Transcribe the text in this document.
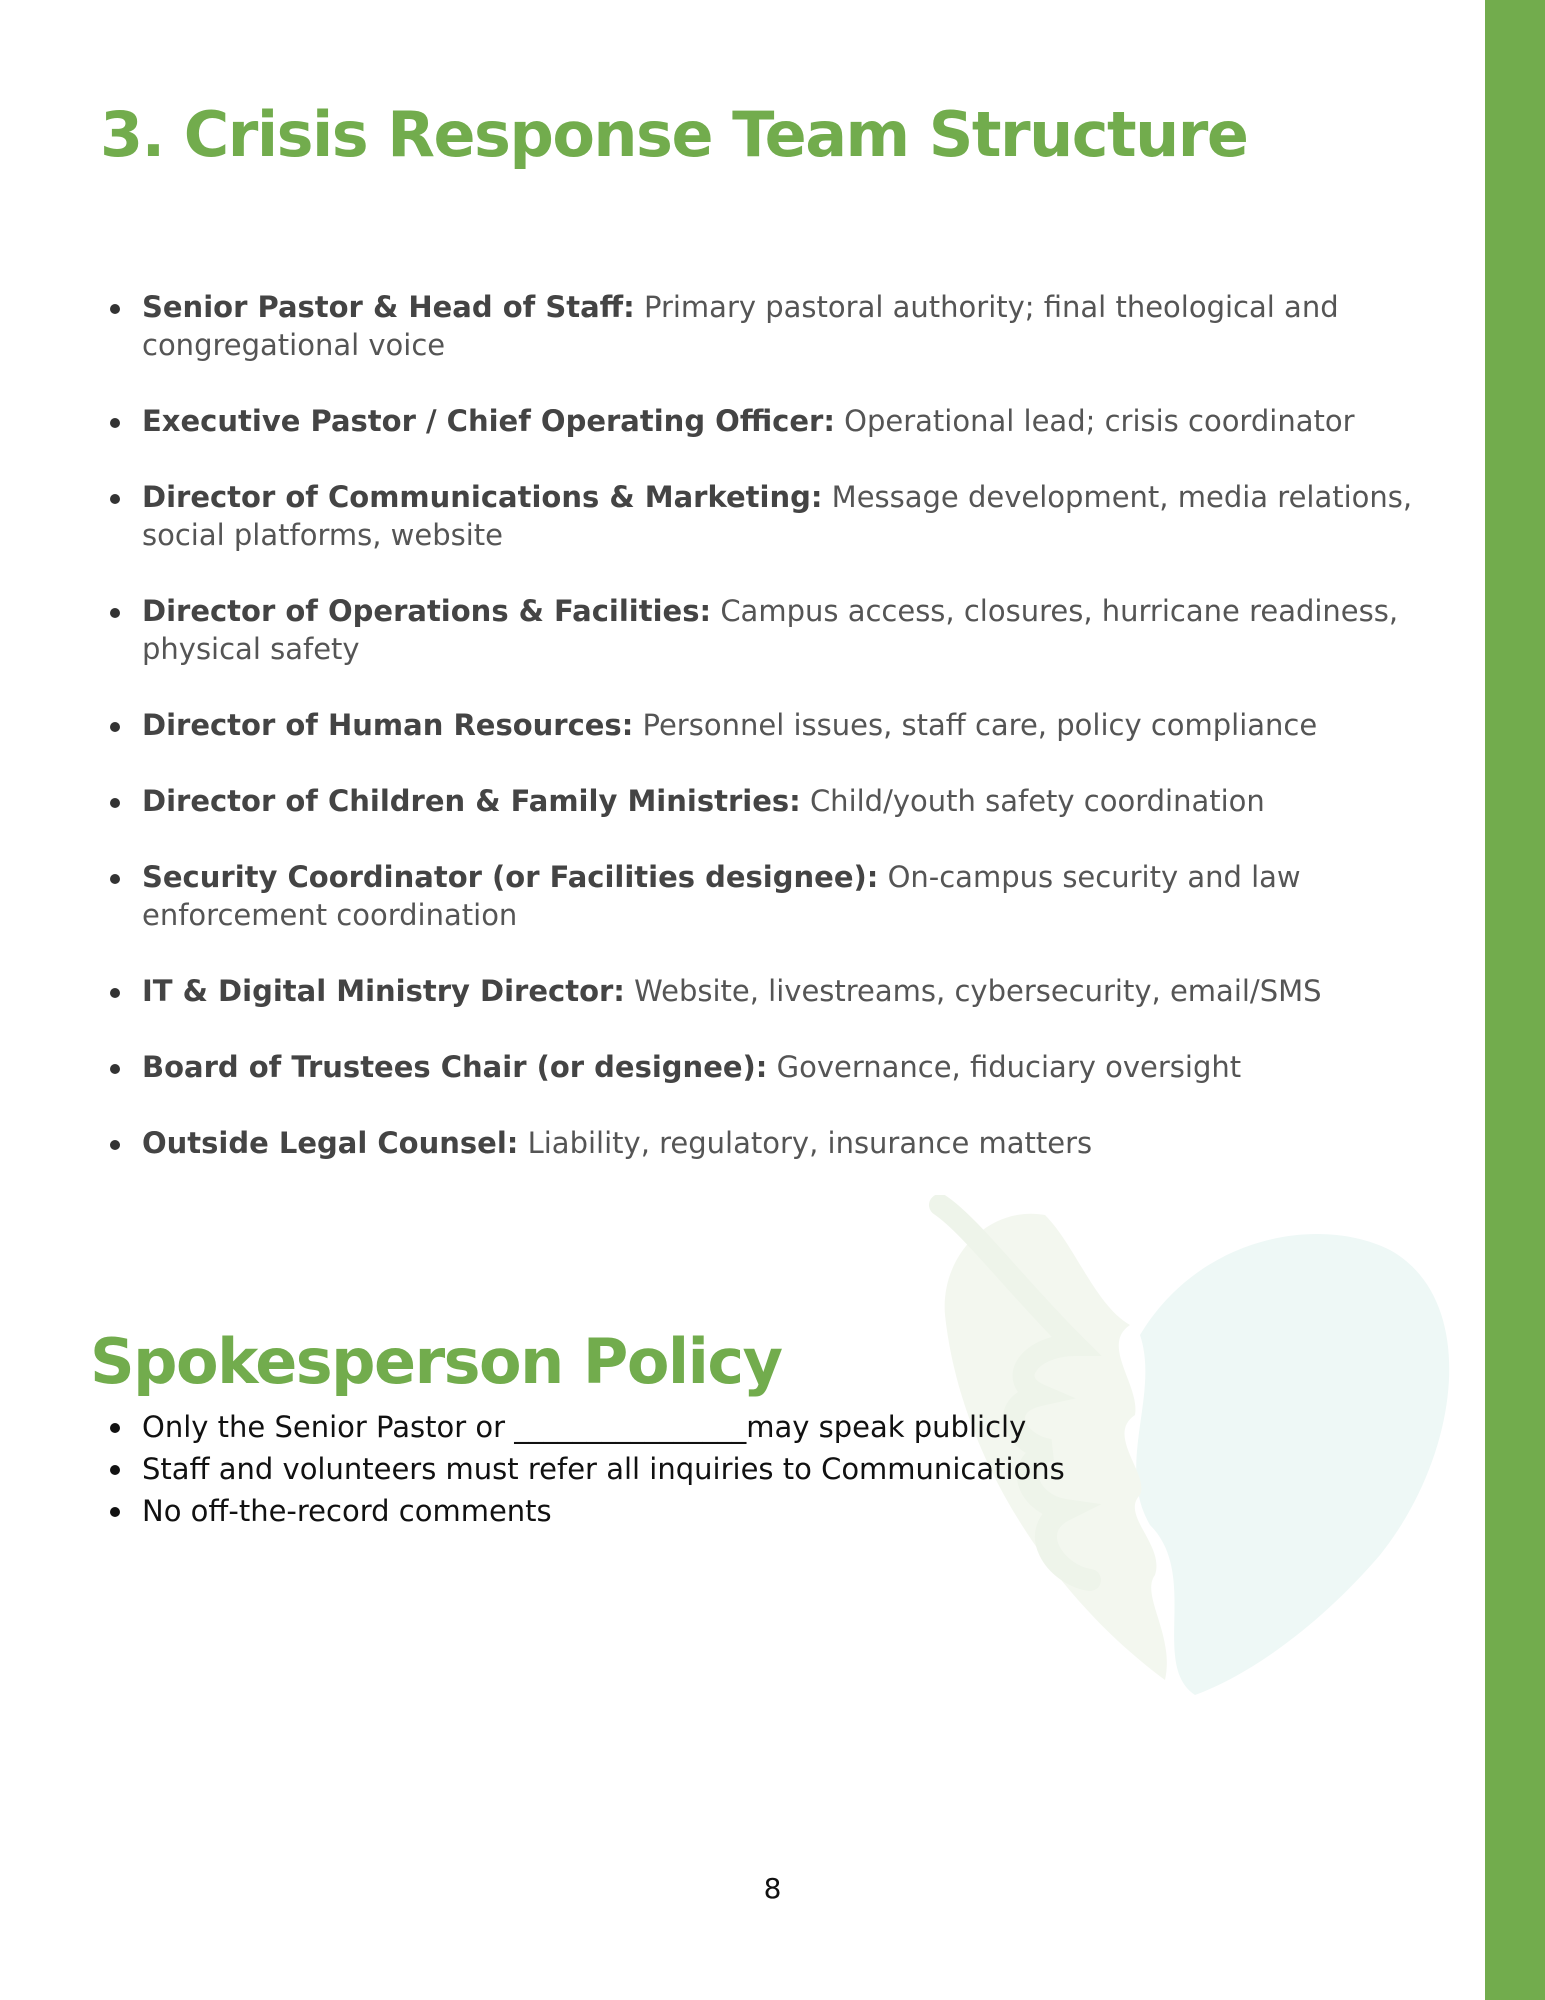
3. Crisis Response Team Structure
Senior Pastor & Head of Staff: Primary pastoral authority; final theological and congregational voice
Executive Pastor / Chief Operating Officer: Operational lead; crisis coordinator
Director of Communications & Marketing: Message development, media relations, social platforms, website
Director of Operations & Facilities: Campus access, closures, hurricane readiness, physical safety
Director of Human Resources: Personnel issues, staff care, policy compliance
Director of Children & Family Ministries: Child/youth safety coordination
Security Coordinator (or Facilities designee): On-campus security and law enforcement coordination
IT & Digital Ministry Director: Website, livestreams, cybersecurity, email/SMS
Board of Trustees Chair (or designee): Governance, fiduciary oversight
Outside Legal Counsel: Liability, regulatory, insurance matters
Spokesperson Policy
Only the Senior Pastor or ________________may speak publicly
Staff and volunteers must refer all inquiries to Communications
No off-the-record comments
8
